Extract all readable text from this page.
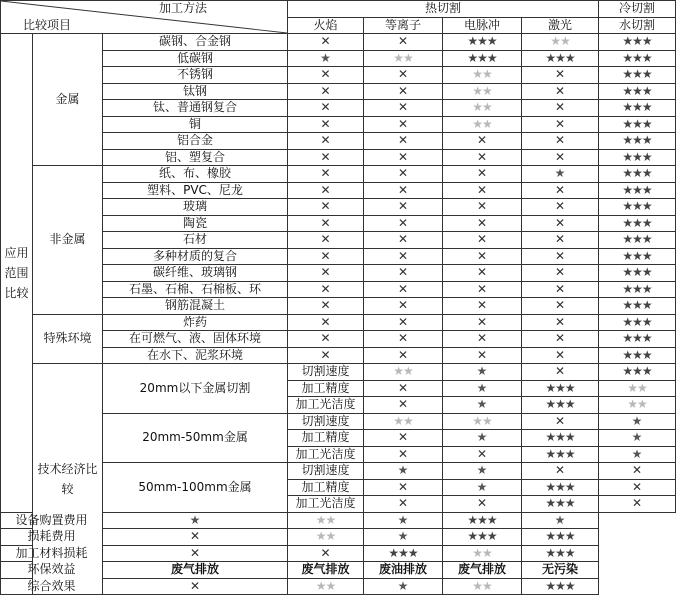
加工方法
比较项目			热切割				冷切割	
			火焰	等离子	电脉冲	激光	水切割	
应用范围比较	金属	碳钢、合金钢	✕	✕	★★★	★★	★★★	
		低碳钢	★	★★	★★★	★★★	★★★	
		不锈钢	✕	✕	★★	✕	★★★	
		钛钢	✕	✕	★★	✕	★★★	
		钛、普通钢复合	✕	✕	★★	✕	★★★	
		铜	✕	✕	★★	✕	★★★	
		铝合金	✕	✕	✕	✕	★★★	
		铝、塑复合	✕	✕	✕	✕	★★★	
	非金属	纸、布、橡胶	✕	✕	✕	★	★★★	
		塑料、PVC、尼龙	✕	✕	✕	✕	★★★	
		玻璃	✕	✕	✕	✕	★★★	
		陶瓷	✕	✕	✕	✕	★★★	
		石材	✕	✕	✕	✕	★★★	
		多种材质的复合	✕	✕	✕	✕	★★★	
		碳纤维、玻璃钢	✕	✕	✕	✕	★★★	
		石墨、石棉、石棉板、环	✕	✕	✕	✕	★★★	
		钢筋混凝土	✕	✕	✕	✕	★★★	
	特殊环境	炸药	✕	✕	✕	✕	★★★	
		在可燃气、液、固体环境	✕	✕	✕	✕	★★★	
		在水下、泥浆环境	✕	✕	✕	✕	★★★	
	技术经济比较	20mm以下金属切割	切割速度	★★	★	✕	★★★	
			加工精度	✕	★	★★★	★★	
			加工光洁度	✕	★	★★★	★★	
		20mm-50mm金属	切割速度	★★	★★	✕	★	
			加工精度	✕	★	★★★	★	
			加工光洁度	✕	✕	★★★	★	
		50mm-100mm金属	切割速度	★	★	✕	✕	
			加工精度	✕	★	★★★	✕	
			加工光洁度	✕	✕	★★★	✕	
设备购置费用		★	★★	★	★★★	★		
损耗费用		✕	★★	★	★★★	★★★		
加工材料损耗		✕	✕	★★★	★★	★★★		
环保效益		废气排放	废气排放	废油排放	废气排放	无污染		
综合效果		✕	★★	★	★★	★★★		
